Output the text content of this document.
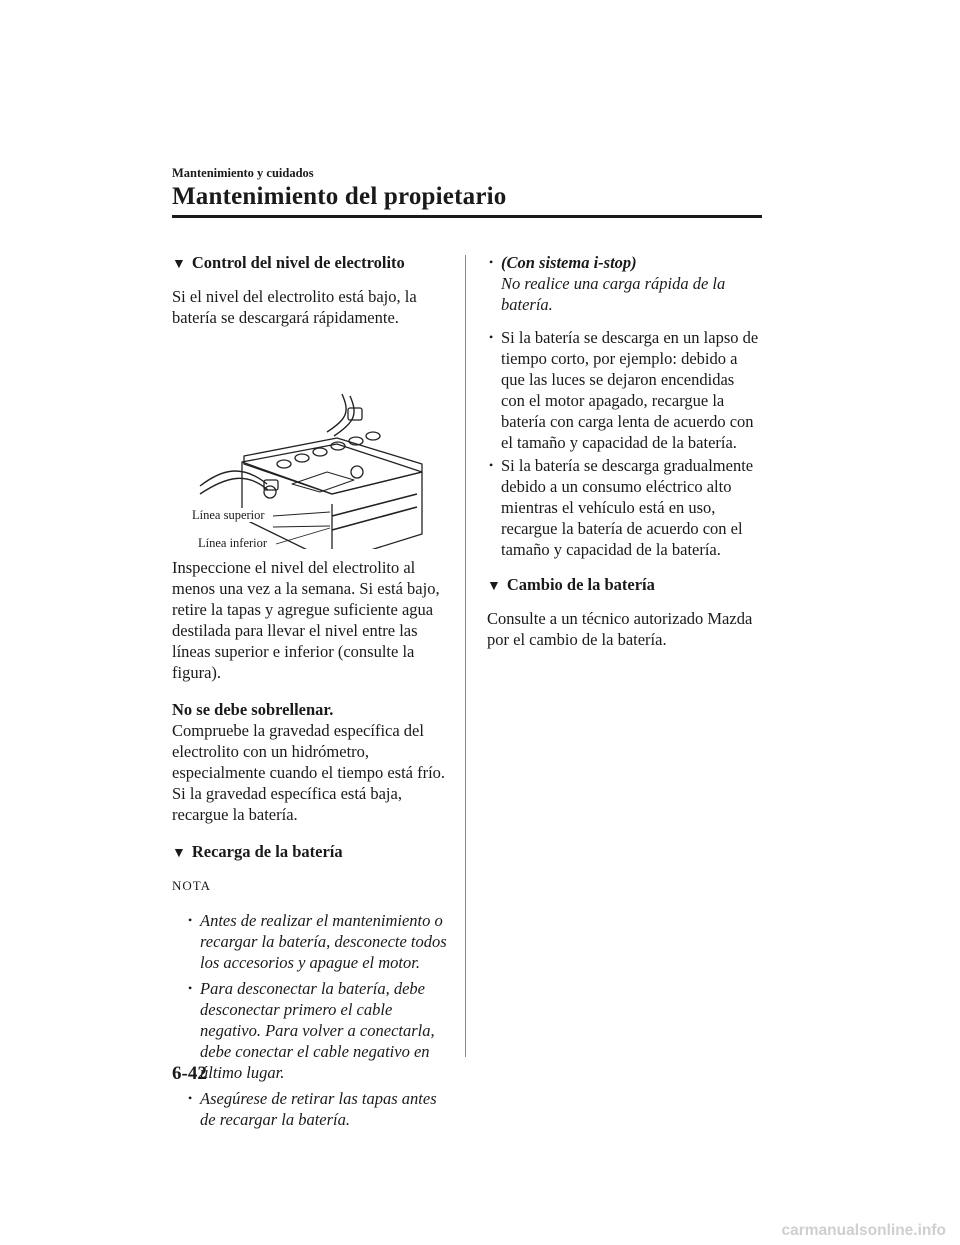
Mantenimiento y cuidados
Mantenimiento del propietario
▼ Control del nivel de electrolito

Si el nivel del electrolito está bajo, la batería se descargará rápidamente.

Línea superior
Línea inferior

Inspeccione el nivel del electrolito al menos una vez a la semana. Si está bajo, retire la tapas y agregue suficiente agua destilada para llevar el nivel entre las líneas superior e inferior (consulte la figura).

No se debe sobrellenar.

Compruebe la gravedad específica del electrolito con un hidrómetro, especialmente cuando el tiempo está frío. Si la gravedad específica está baja, recargue la batería.

▼ Recarga de la batería

NOTA

• Antes de realizar el mantenimiento o recargar la batería, desconecte todos los accesorios y apague el motor.
• Para desconectar la batería, debe desconectar primero el cable negativo. Para volver a conectarla, debe conectar el cable negativo en último lugar.
• Asegúrese de retirar las tapas antes de recargar la batería.
• (Con sistema i-stop)
No realice una carga rápida de la batería.
• Si la batería se descarga en un lapso de tiempo corto, por ejemplo: debido a que las luces se dejaron encendidas con el motor apagado, recargue la batería con carga lenta de acuerdo con el tamaño y capacidad de la batería.
• Si la batería se descarga gradualmente debido a un consumo eléctrico alto mientras el vehículo está en uso, recargue la batería de acuerdo con el tamaño y capacidad de la batería.
▼ Cambio de la batería

Consulte a un técnico autorizado Mazda por el cambio de la batería.

6-42
carmanualsonline.info
